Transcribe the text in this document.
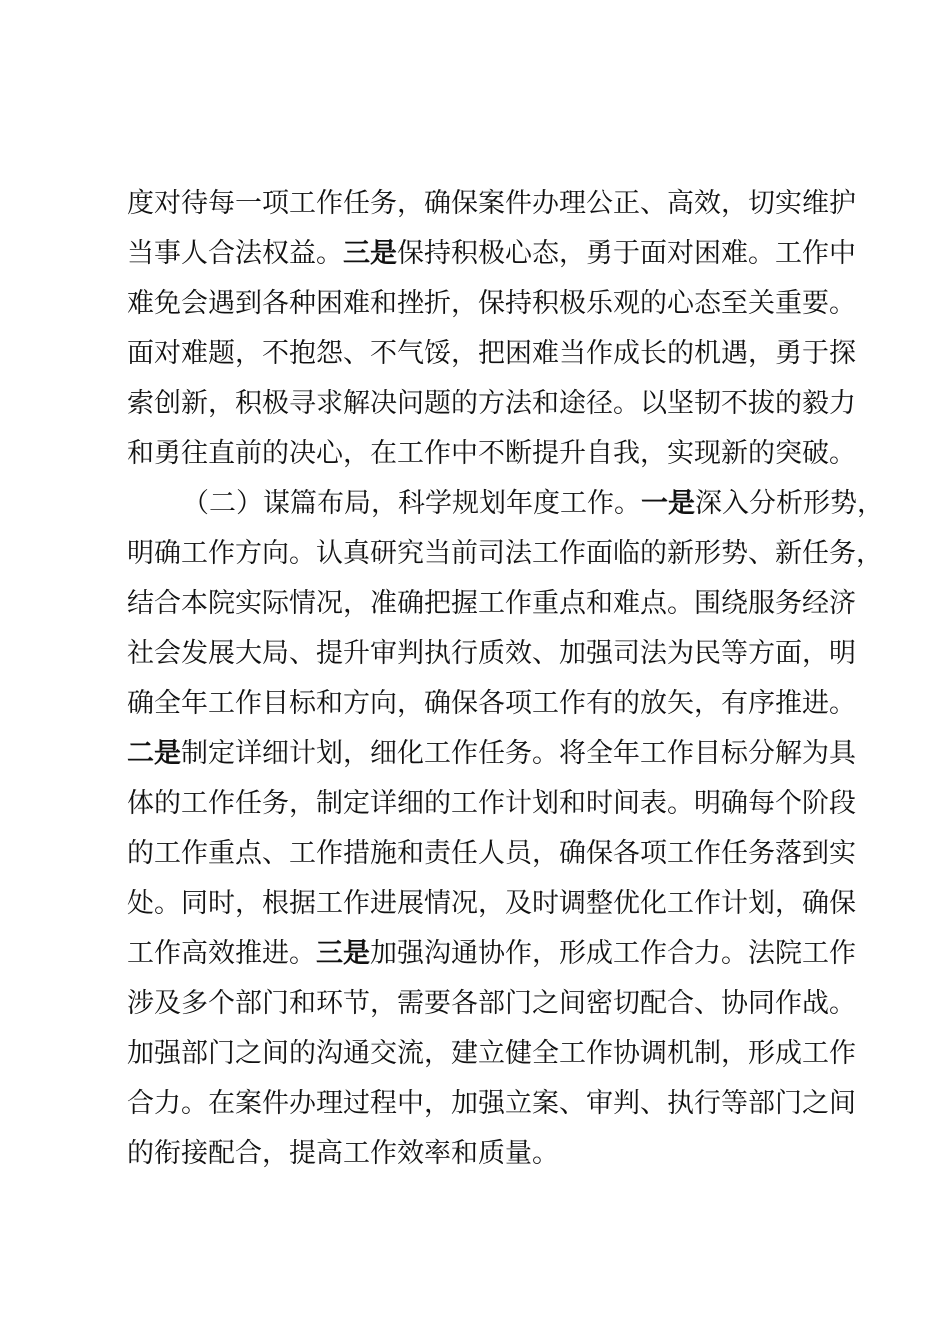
度对待每一项工作任务，确保案件办理公正、高效，切实维护
当事人合法权益。三是保持积极心态，勇于面对困难。工作中
难免会遇到各种困难和挫折，保持积极乐观的心态至关重要。
面对难题，不抱怨、不气馁，把困难当作成长的机遇，勇于探
索创新，积极寻求解决问题的方法和途径。以坚韧不拔的毅力
和勇往直前的决心，在工作中不断提升自我，实现新的突破。
（二）谋篇布局，科学规划年度工作。一是深入分析形势，
明确工作方向。认真研究当前司法工作面临的新形势、新任务，
结合本院实际情况，准确把握工作重点和难点。围绕服务经济
社会发展大局、提升审判执行质效、加强司法为民等方面，明
确全年工作目标和方向，确保各项工作有的放矢，有序推进。
二是制定详细计划，细化工作任务。将全年工作目标分解为具
体的工作任务，制定详细的工作计划和时间表。明确每个阶段
的工作重点、工作措施和责任人员，确保各项工作任务落到实
处。同时，根据工作进展情况，及时调整优化工作计划，确保
工作高效推进。三是加强沟通协作，形成工作合力。法院工作
涉及多个部门和环节，需要各部门之间密切配合、协同作战。
加强部门之间的沟通交流，建立健全工作协调机制，形成工作
合力。在案件办理过程中，加强立案、审判、执行等部门之间
的衔接配合，提高工作效率和质量。
